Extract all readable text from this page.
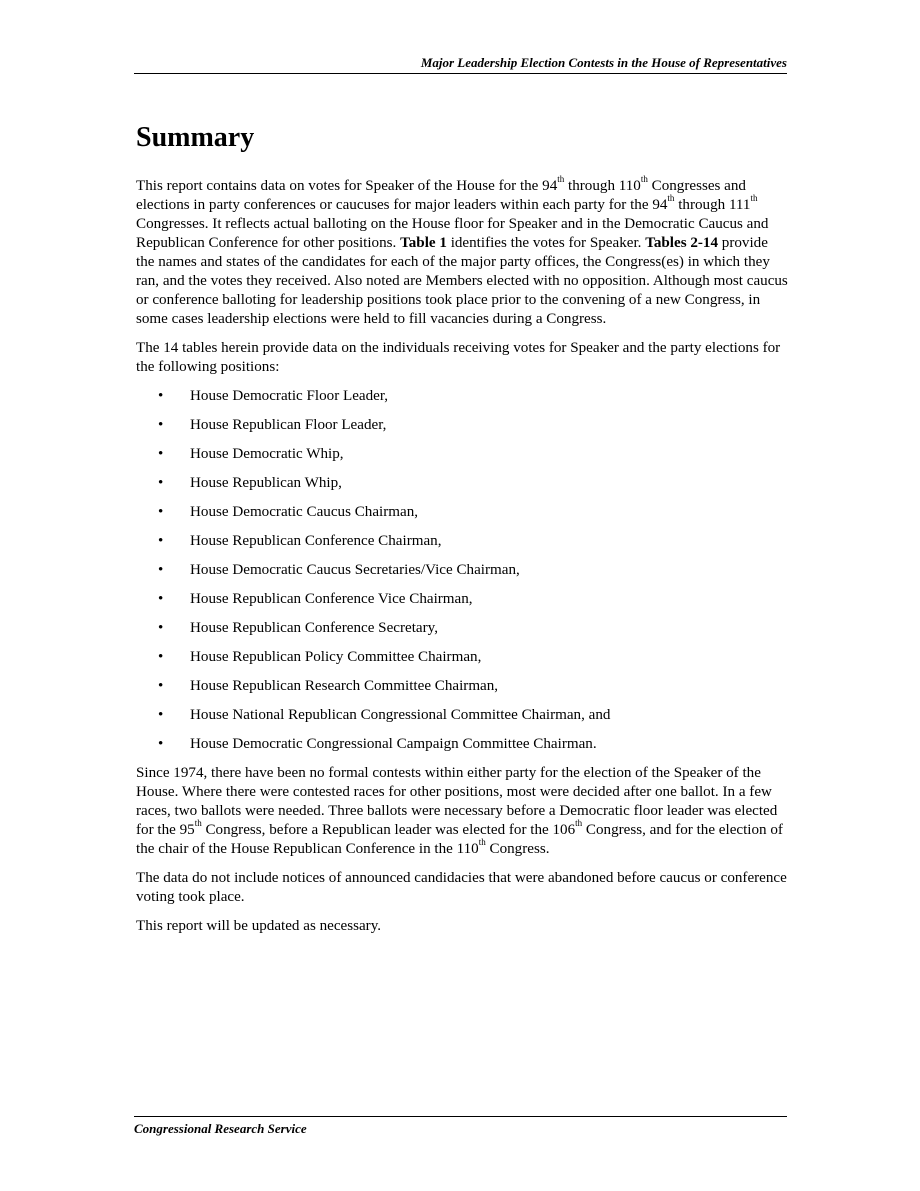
Major Leadership Election Contests in the House of Representatives
Summary

This report contains data on votes for Speaker of the House for the 94th through 110th Congresses and elections in party conferences or caucuses for major leaders within each party for the 94th through 111th Congresses. It reflects actual balloting on the House floor for Speaker and in the Democratic Caucus and Republican Conference for other positions. Table 1 identifies the votes for Speaker. Tables 2-14 provide the names and states of the candidates for each of the major party offices, the Congress(es) in which they ran, and the votes they received. Also noted are Members elected with no opposition. Although most caucus or conference balloting for leadership positions took place prior to the convening of a new Congress, in some cases leadership elections were held to fill vacancies during a Congress.

The 14 tables herein provide data on the individuals receiving votes for Speaker and the party elections for the following positions:

• House Democratic Floor Leader,
• House Republican Floor Leader,
• House Democratic Whip,
• House Republican Whip,
• House Democratic Caucus Chairman,
• House Republican Conference Chairman,
• House Democratic Caucus Secretaries/Vice Chairman,
• House Republican Conference Vice Chairman,
• House Republican Conference Secretary,
• House Republican Policy Committee Chairman,
• House Republican Research Committee Chairman,
• House National Republican Congressional Committee Chairman, and
• House Democratic Congressional Campaign Committee Chairman.

Since 1974, there have been no formal contests within either party for the election of the Speaker of the House. Where there were contested races for other positions, most were decided after one ballot. In a few races, two ballots were needed. Three ballots were necessary before a Democratic floor leader was elected for the 95th Congress, before a Republican leader was elected for the 106th Congress, and for the election of the chair of the House Republican Conference in the 110th Congress.

The data do not include notices of announced candidacies that were abandoned before caucus or conference voting took place.

This report will be updated as necessary.

Congressional Research Service
